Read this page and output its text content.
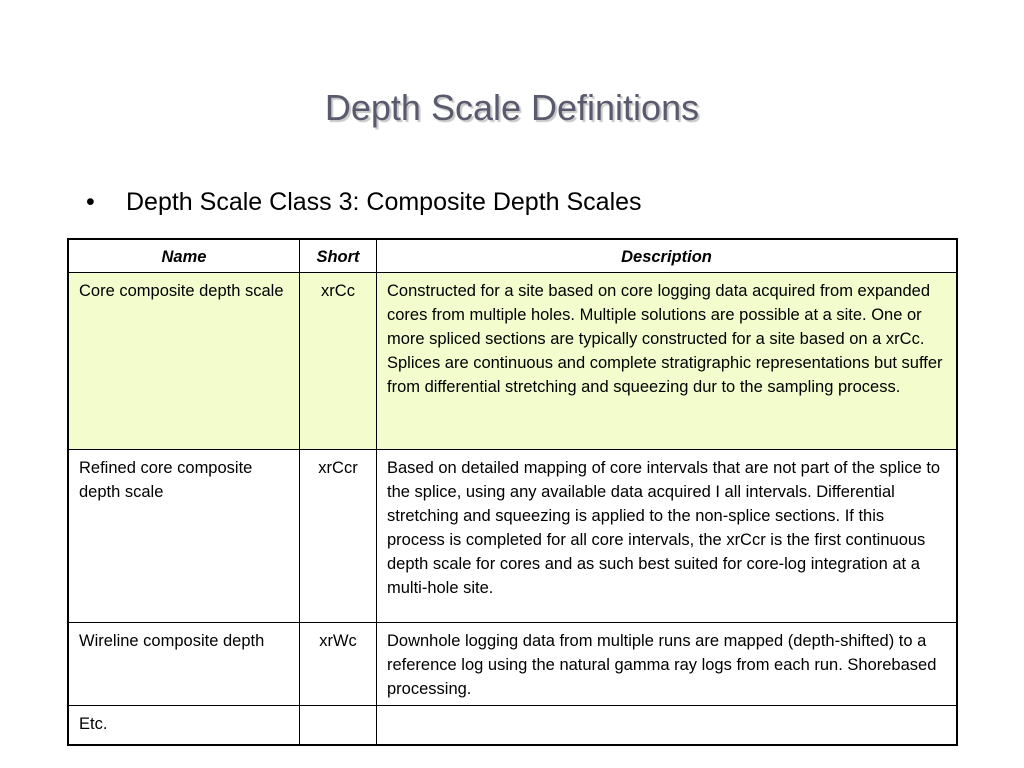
Depth Scale Definitions
• Depth Scale Class 3: Composite Depth Scales
Name	Short	Description
Core composite depth scale	xrCc	Constructed for a site based on core logging data acquired from expanded cores from multiple holes. Multiple solutions are possible at a site. One or more spliced sections are typically constructed for a site based on a xrCc. Splices are continuous and complete stratigraphic representations but suffer from differential stretching and squeezing dur to the sampling process.
Refined core composite depth scale	xrCcr	Based on detailed mapping of core intervals that are not part of the splice to the splice, using any available data acquired I all intervals. Differential stretching and squeezing is applied to the non-splice sections. If this process is completed for all core intervals, the xrCcr is the first continuous depth scale for cores and as such best suited for core-log integration at a multi-hole site.
Wireline composite depth	xrWc	Downhole logging data from multiple runs are mapped (depth-shifted) to a reference log using the natural gamma ray logs from each run. Shorebased processing.
Etc.		
